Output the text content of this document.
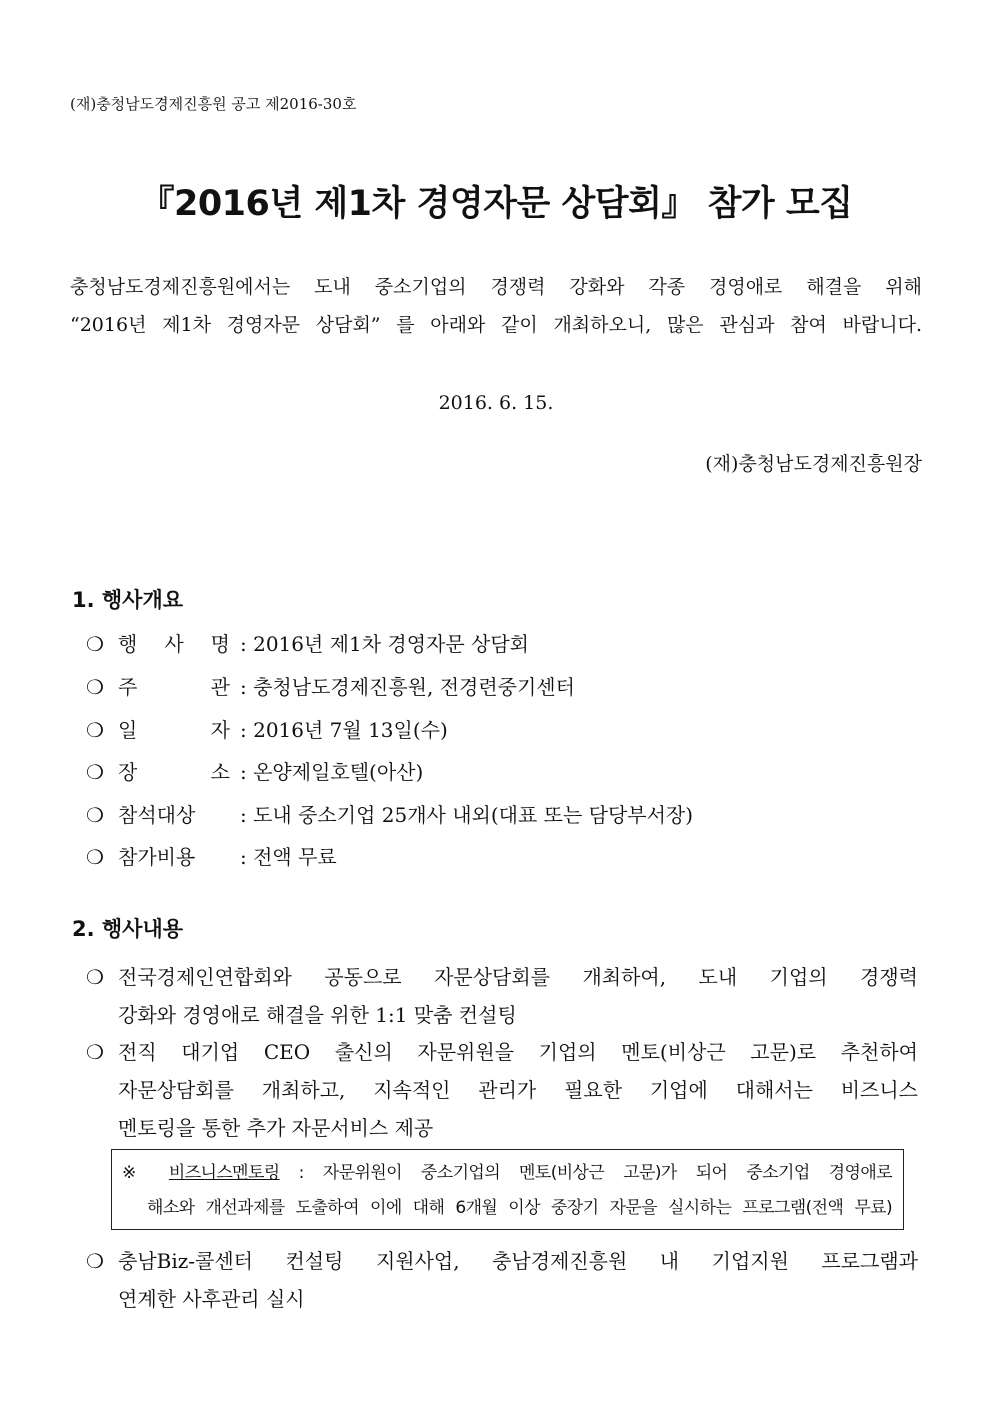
(재)충청남도경제진흥원 공고 제2016-30호
『2016년 제1차 경영자문 상담회』 참가 모집
충청남도경제진흥원에서는 도내 중소기업의 경쟁력 강화와 각종 경영애로 해결을 위해
“2016년 제1차 경영자문 상담회” 를 아래와 같이 개최하오니, 많은 관심과 참여 바랍니다.
2016. 6. 15.
(재)충청남도경제진흥원장
1. 행사개요
❍ 행 사 명 : 2016년 제1차 경영자문 상담회
❍ 주 관 : 충청남도경제진흥원, 전경련중기센터
❍ 일 자 : 2016년 7월 13일(수)
❍ 장 소 : 온양제일호텔(아산)
❍ 참석대상 : 도내 중소기업 25개사 내외(대표 또는 담당부서장)
❍ 참가비용 : 전액 무료
2. 행사내용
❍ 전국경제인연합회와 공동으로 자문상담회를 개최하여, 도내 기업의 경쟁력
강화와 경영애로 해결을 위한 1:1 맞춤 컨설팅
❍ 전직 대기업 CEO 출신의 자문위원을 기업의 멘토(비상근 고문)로 추천하여
자문상담회를 개최하고, 지속적인 관리가 필요한 기업에 대해서는 비즈니스
멘토링을 통한 추가 자문서비스 제공
※ 비즈니스멘토링 : 자문위원이 중소기업의 멘토(비상근 고문)가 되어 중소기업 경영애로
해소와 개선과제를 도출하여 이에 대해 6개월 이상 중장기 자문을 실시하는 프로그램(전액 무료)
❍ 충남Biz-콜센터 컨설팅 지원사업, 충남경제진흥원 내 기업지원 프로그램과
연계한 사후관리 실시
